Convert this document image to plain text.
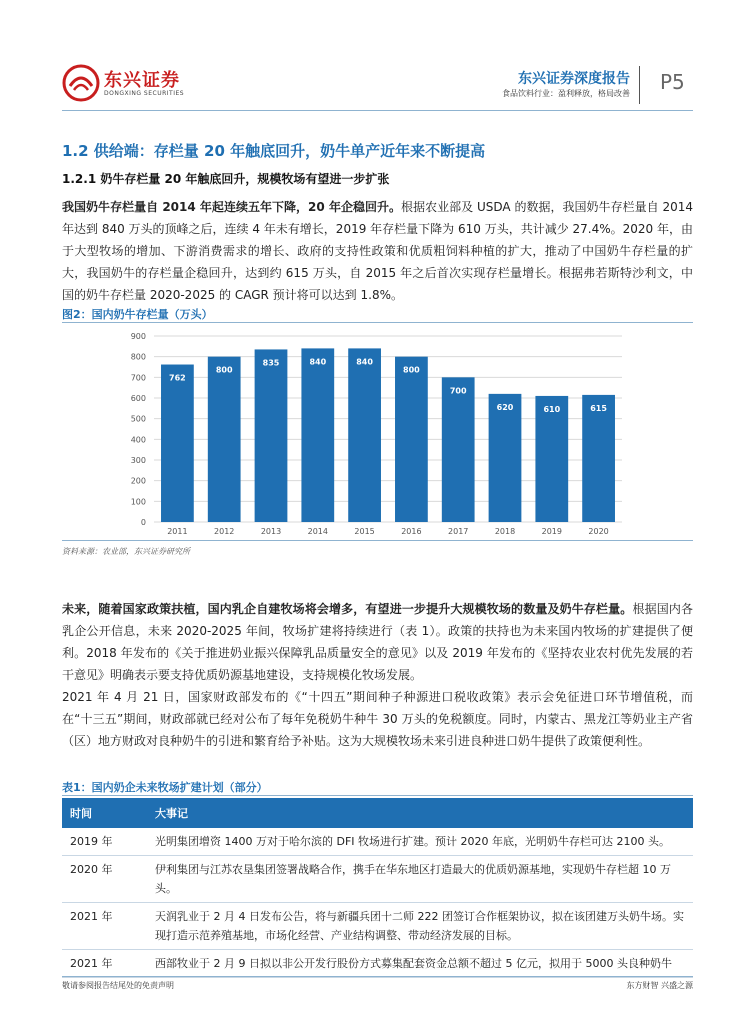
东兴证券
DONGXING SECURITIES
东兴证券深度报告
食品饮料行业：盈利释放，格局改善 P5
1.2 供给端：存栏量 20 年触底回升，奶牛单产近年来不断提高
1.2.1 奶牛存栏量 20 年触底回升，规模牧场有望进一步扩张
我国奶牛存栏量自 2014 年起连续五年下降，20 年企稳回升。根据农业部及 USDA 的数据，我国奶牛存栏量自 2014 年达到 840 万头的顶峰之后，连续 4 年未有增长，2019 年存栏量下降为 610 万头，共计减少 27.4%。2020 年，由于大型牧场的增加、下游消费需求的增长、政府的支持性政策和优质粗饲料种植的扩大，推动了中国奶牛存栏量的扩大，我国奶牛的存栏量企稳回升，达到约 615 万头，自 2015 年之后首次实现存栏量增长。根据弗若斯特沙利文，中国的奶牛存栏量 2020-2025 的 CAGR 预计将可以达到 1.8%。
图2：国内奶牛存栏量（万头）
0
100
200
300
400
500
600
700
800
900
762
2011
800
2012
835
2013
840
2014
840
2015
800
2016
700
2017
620
2018
610
2019
615
2020
资料来源：农业部，东兴证券研究所
未来，随着国家政策扶植，国内乳企自建牧场将会增多，有望进一步提升大规模牧场的数量及奶牛存栏量。根据国内各乳企公开信息，未来 2020-2025 年间，牧场扩建将持续进行（表 1）。政策的扶持也为未来国内牧场的扩建提供了便利。2018 年发布的《关于推进奶业振兴保障乳品质量安全的意见》以及 2019 年发布的《坚持农业农村优先发展的若干意见》明确表示要支持优质奶源基地建设，支持规模化牧场发展。
2021 年 4 月 21 日，国家财政部发布的《“十四五”期间种子种源进口税收政策》表示会免征进口环节增值税，而在“十三五”期间，财政部就已经对公布了每年免税奶牛种牛 30 万头的免税额度。同时，内蒙古、黑龙江等奶业主产省（区）地方财政对良种奶牛的引进和繁育给予补贴。这为大规模牧场未来引进良种进口奶牛提供了政策便利性。
表1：国内奶企未来牧场扩建计划（部分）
时间	大事记
2019 年	光明集团增资 1400 万对于哈尔滨的 DFI 牧场进行扩建。预计 2020 年底，光明奶牛存栏可达 2100 头。
2020 年	伊利集团与江苏农垦集团签署战略合作，携手在华东地区打造最大的优质奶源基地，实现奶牛存栏超 10 万头。
2021 年	天润乳业于 2 月 4 日发布公告，将与新疆兵团十二师 222 团签订合作框架协议，拟在该团建万头奶牛场。实现打造示范养殖基地，市场化经营、产业结构调整、带动经济发展的目标。
2021 年	西部牧业于 2 月 9 日拟以非公开发行股份方式募集配套资金总额不超过 5 亿元，拟用于 5000 头良种奶牛
敬请参阅报告结尾处的免责声明	东方财智 兴盛之源
